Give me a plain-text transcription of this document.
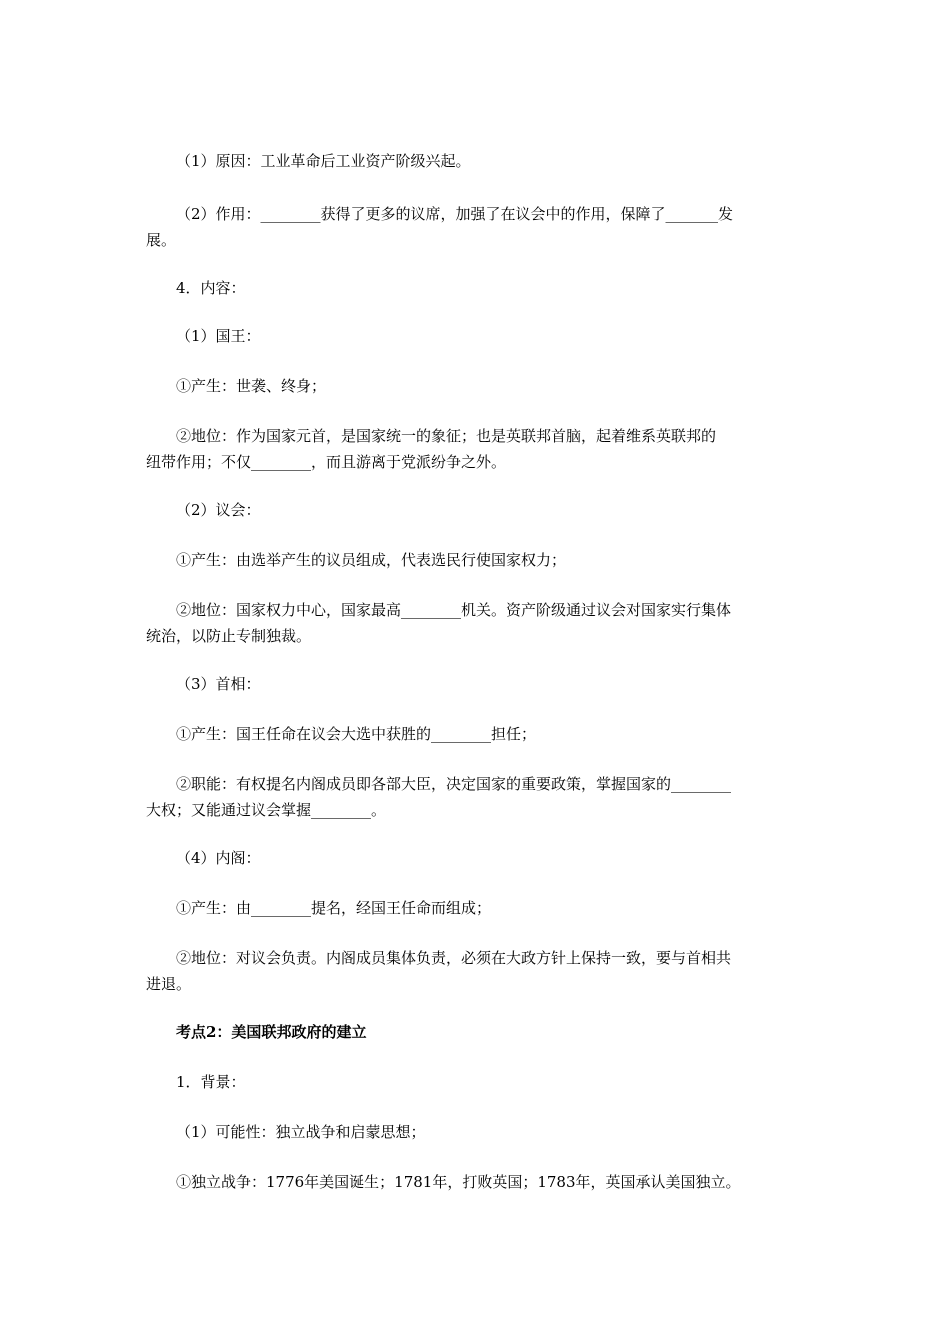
（1）原因：工业革命后工业资产阶级兴起。

（2）作用：________获得了更多的议席，加强了在议会中的作用，保障了_______发
展。

4．内容：

（1）国王：

①产生：世袭、终身；

②地位：作为国家元首，是国家统一的象征；也是英联邦首脑，起着维系英联邦的
纽带作用；不仅________，而且游离于党派纷争之外。

（2）议会：

①产生：由选举产生的议员组成，代表选民行使国家权力；

②地位：国家权力中心，国家最高________机关。资产阶级通过议会对国家实行集体
统治，以防止专制独裁。

（3）首相：

①产生：国王任命在议会大选中获胜的________担任；

②职能：有权提名内阁成员即各部大臣，决定国家的重要政策，掌握国家的________
大权；又能通过议会掌握________。

（4）内阁：

①产生：由________提名，经国王任命而组成；

②地位：对议会负责。内阁成员集体负责，必须在大政方针上保持一致，要与首相共
进退。

考点2：美国联邦政府的建立

1．背景：

（1）可能性：独立战争和启蒙思想；

①独立战争：1776年美国诞生；1781年，打败英国；1783年，英国承认美国独立。
